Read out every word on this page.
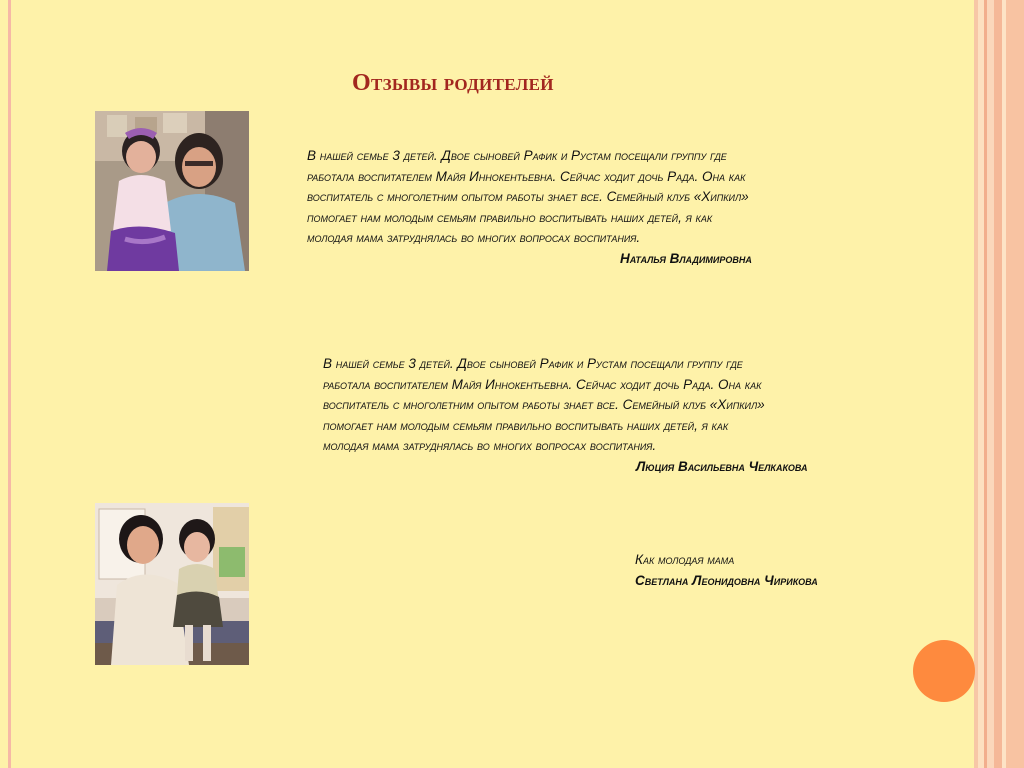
Отзывы родителей
В нашей семье 3 детей. Двое сыновей Рафик и Рустам посещали группу где
работала воспитателем Майя Иннокентьевна. Сейчас ходит дочь Рада. Она как
воспитатель с многолетним опытом работы знает все. Семейный клуб «Хипкил»
помогает нам молодым семьям правильно воспитывать наших детей, я как
молодая мама затруднялась во многих вопросах воспитания.
Наталья Владимировна
В нашей семье 3 детей. Двое сыновей Рафик и Рустам посещали группу где
работала воспитателем Майя Иннокентьевна. Сейчас ходит дочь Рада. Она как
воспитатель с многолетним опытом работы знает все. Семейный клуб «Хипкил»
помогает нам молодым семьям правильно воспитывать наших детей, я как
молодая мама затруднялась во многих вопросах воспитания.
Люция Васильевна Челкакова
Как молодая мама
Светлана Леонидовна Чирикова
